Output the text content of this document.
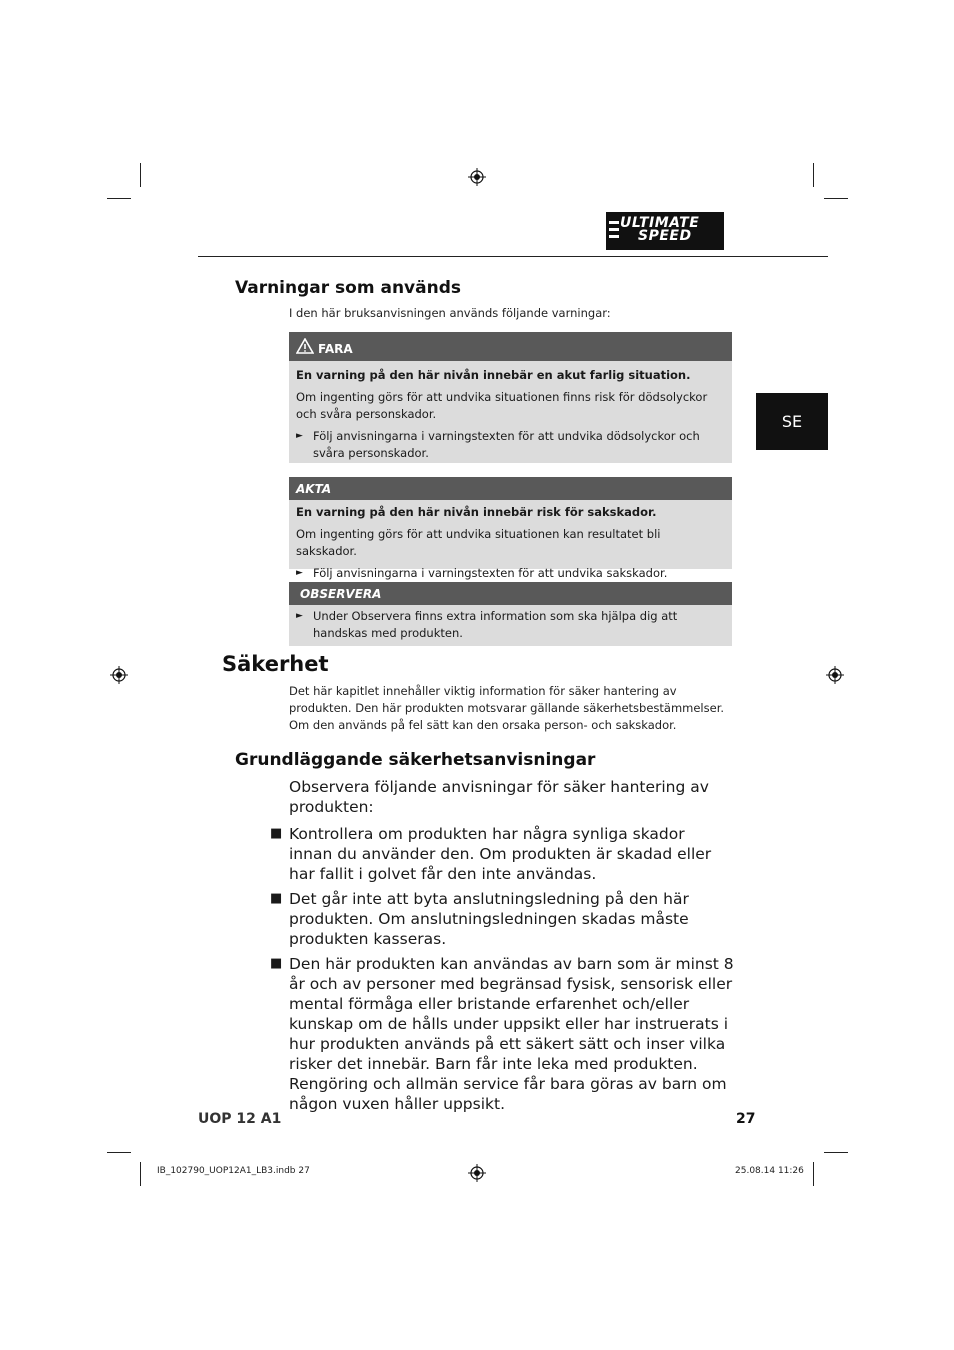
ULTIMATE
SPEED
SE
Varningar som används
I den här bruksanvisningen används följande varningar:
FARA
En varning på den här nivån innebär en akut farlig situation.
Om ingenting görs för att undvika situationen finns risk för dödsolyckor och svåra personskador.
► Följ anvisningarna i varningstexten för att undvika dödsolyckor och svåra personskador.
AKTA
En varning på den här nivån innebär risk för sakskador.
Om ingenting görs för att undvika situationen kan resultatet bli sakskador.
► Följ anvisningarna i varningstexten för att undvika sakskador.
OBSERVERA
► Under Observera finns extra information som ska hjälpa dig att handskas med produkten.
Säkerhet
Det här kapitlet innehåller viktig information för säker hantering av produkten. Den här produkten motsvarar gällande säkerhetsbestämmelser. Om den används på fel sätt kan den orsaka person- och sakskador.
Grundläggande säkerhetsanvisningar
Observera följande anvisningar för säker hantering av produkten:
■ Kontrollera om produkten har några synliga skador innan du använder den. Om produkten är skadad eller har fallit i golvet får den inte användas.
■ Det går inte att byta anslutningsledning på den här produkten. Om anslutningsledningen skadas måste produkten kasseras.
■ Den här produkten kan användas av barn som är minst 8 år och av personer med begränsad fysisk, sensorisk eller mental förmåga eller bristande erfarenhet och/eller kunskap om de hålls under uppsikt eller har instruerats i hur produkten används på ett säkert sätt och inser vilka risker det innebär. Barn får inte leka med produkten. Rengöring och allmän service får bara göras av barn om någon vuxen håller uppsikt.
UOP 12 A1	27
IB_102790_UOP12A1_LB3.indb 27	25.08.14 11:26
